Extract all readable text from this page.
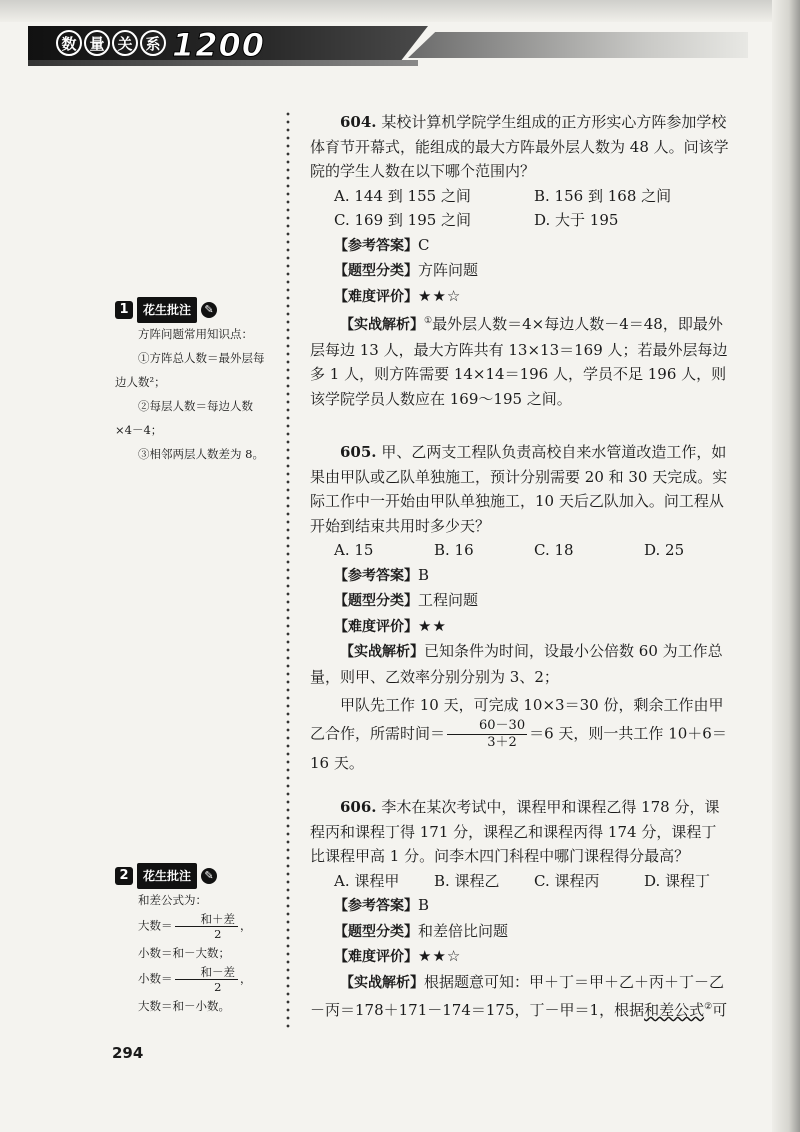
数 量 关 系 1200
1	花生批注	✎

方阵问题常用知识点：

①方阵总人数＝最外层每边人数²；

②每层人数＝每边人数×4－4；

③相邻两层人数差为 8。

2	花生批注	✎

和差公式为：

大数＝ $\frac{\text{和＋差}}{2}$ ，

小数＝和－大数；

小数＝ $\frac{\text{和－差}}{2}$ ，

大数＝和－小数。

604. 某校计算机学院学生组成的正方形实心方阵参加学校体育节开幕式，能组成的最大方阵最外层人数为 48 人。问该学院的学生人数在以下哪个范围内？

A. 144 到 155 之间	B. 156 到 168 之间
C. 169 到 195 之间	D. 大于 195

【参考答案】C

【题型分类】方阵问题

【难度评价】★★☆

【实战解析】①最外层人数＝4×每边人数－4＝48，即最外层每边 13 人，最大方阵共有 13×13＝169 人；若最外层每边多 1 人，则方阵需要 14×14＝196 人，学员不足 196 人，则该学院学员人数应在 169～195 之间。

605. 甲、乙两支工程队负责高校自来水管道改造工作，如果由甲队或乙队单独施工，预计分别需要 20 和 30 天完成。实际工作中一开始由甲队单独施工，10 天后乙队加入。问工程从开始到结束共用时多少天？

A. 15	B. 16	C. 18	D. 25

【参考答案】B

【题型分类】工程问题

【难度评价】★★

【实战解析】已知条件为时间，设最小公倍数 60 为工作总量，则甲、乙效率分别分别为 3、2；

甲队先工作 10 天，可完成 10×3＝30 份，剩余工作由甲乙合作，所需时间＝ $\frac{60-30}{3+2} =6$ 天，则一共工作 10＋6＝16 天。

606. 李木在某次考试中，课程甲和课程乙得 178 分，课程丙和课程丁得 171 分，课程乙和课程丙得 174 分，课程丁比课程甲高 1 分。问李木四门科程中哪门课程得分最高？

A. 课程甲	B. 课程乙	C. 课程丙	D. 课程丁

【参考答案】B

【题型分类】和差倍比问题

【难度评价】★★☆

【实战解析】根据题意可知：甲＋丁＝甲＋乙＋丙＋丁－乙－丙＝178＋171－174＝175，丁－甲＝1，根据和差公式②可

294
